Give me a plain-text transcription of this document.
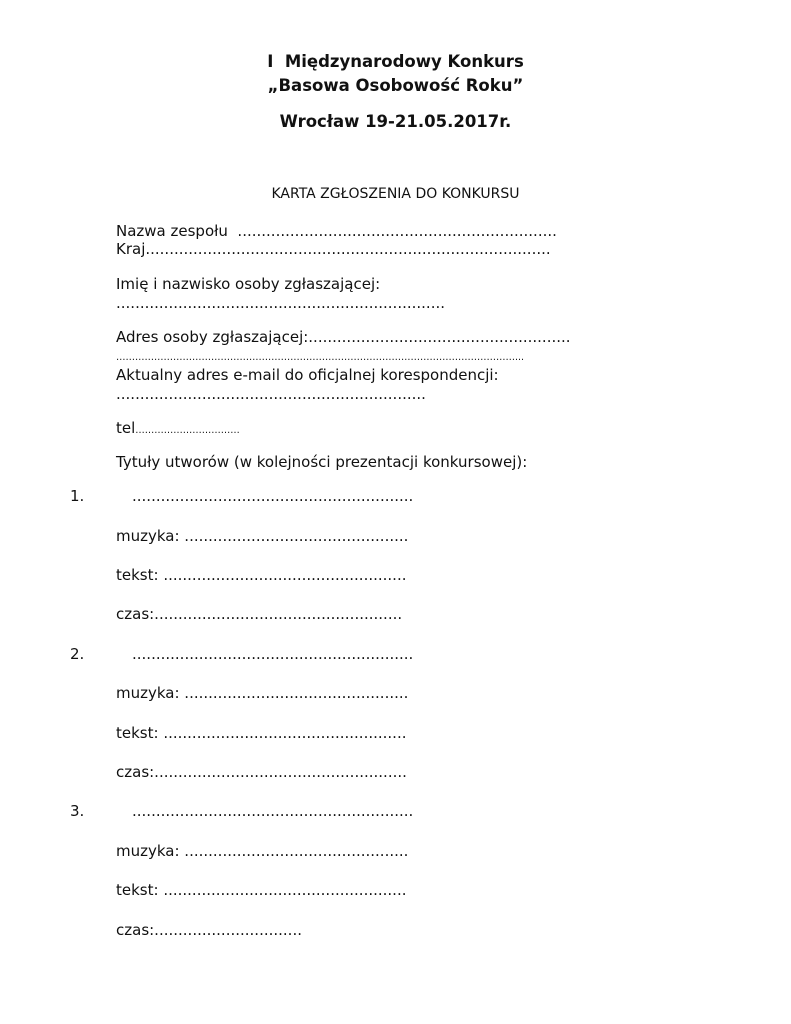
I  Międzynarodowy Konkurs
„Basowa Osobowość Roku”
Wrocław 19-21.05.2017r.
KARTA ZGŁOSZENIA DO KONKURSU
Nazwa zespołu  ...................................................................
Kraj.....................................................................................
Imię i nazwisko osoby zgłaszającej:
.....................................................................
Adres osoby zgłaszającej:.......................................................
………………………………………………………………………………………………………………...
Aktualny adres e-mail do oficjalnej korespondencji:
.................................................................
tel……………………………
Tytuły utworów (w kolejności prezentacji konkursowej):
1.	...........................................................
muzyka: ...............................................
tekst: ...................................................
czas:....................................................
2.	...........................................................
muzyka: ...............................................
tekst: ...................................................
czas:.....................................................
3.	...........................................................
muzyka: ...............................................
tekst: ...................................................
czas:...............................
